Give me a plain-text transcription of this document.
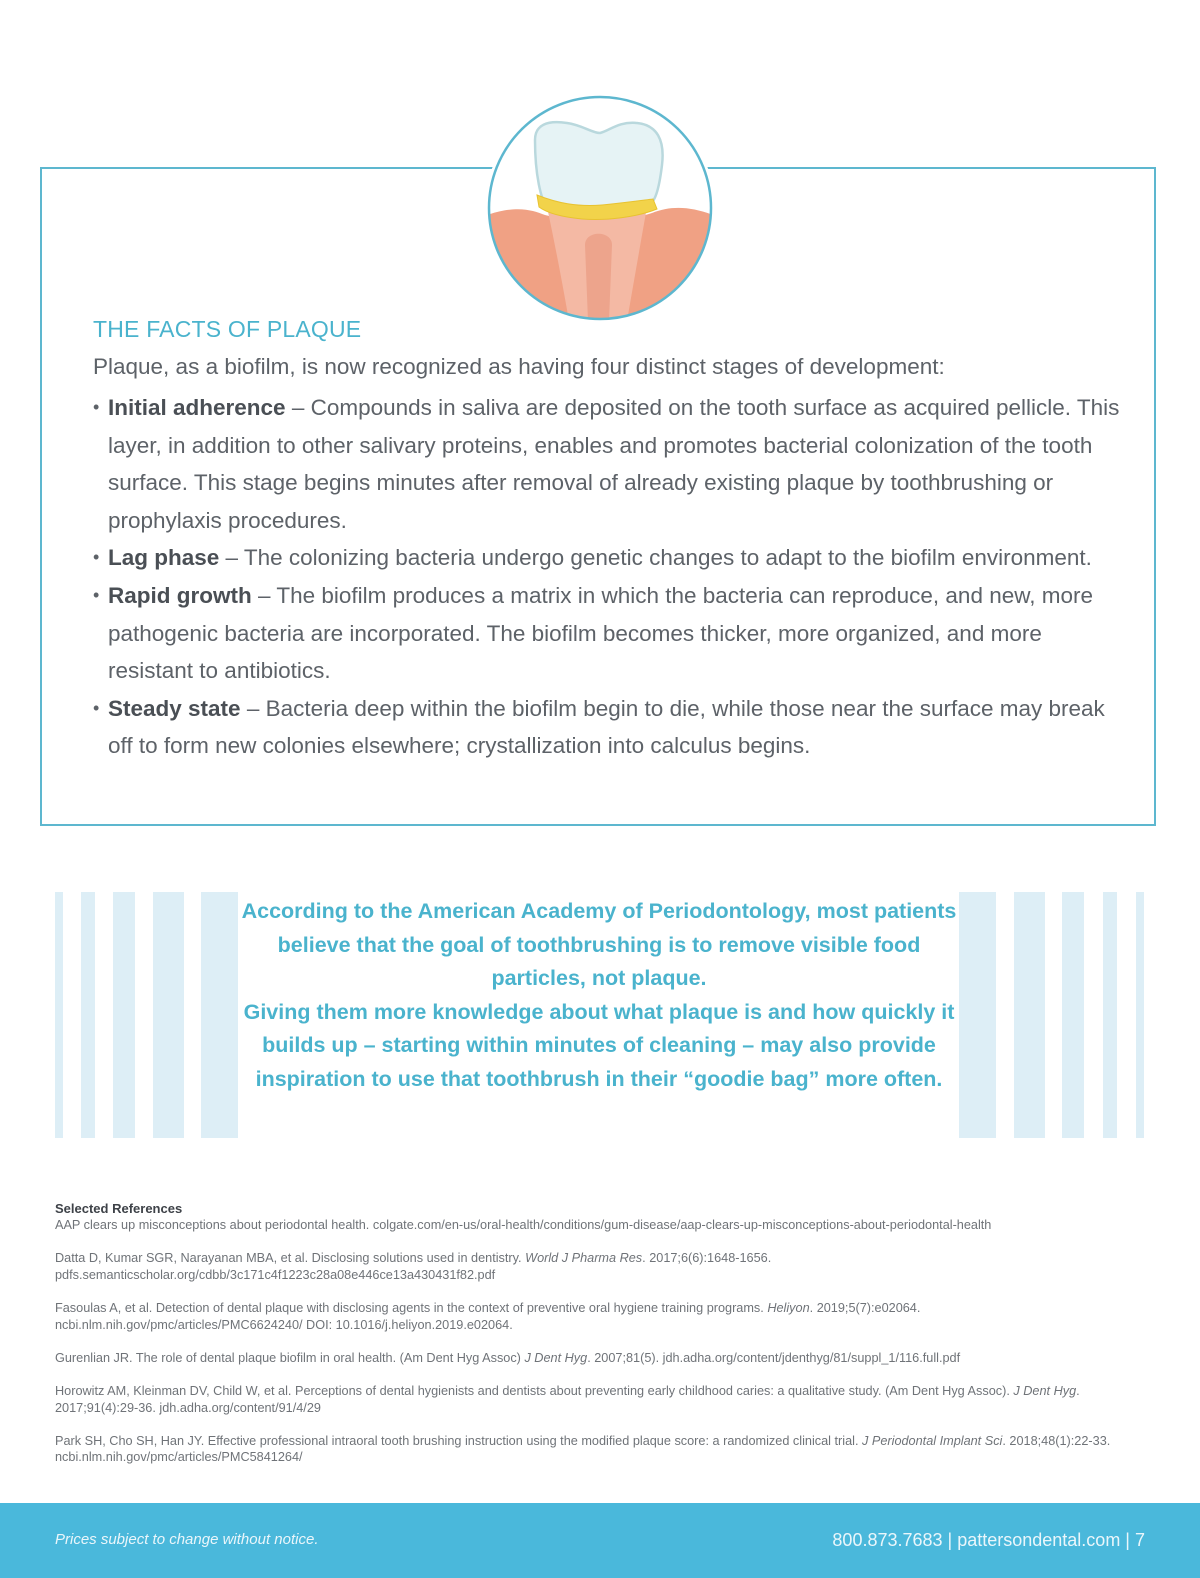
THE FACTS OF PLAQUE
Plaque, as a biofilm, is now recognized as having four distinct stages of development:
• Initial adherence – Compounds in saliva are deposited on the tooth surface as acquired pellicle. This layer, in addition to other salivary proteins, enables and promotes bacterial colonization of the tooth surface. This stage begins minutes after removal of already existing plaque by toothbrushing or prophylaxis procedures.
• Lag phase – The colonizing bacteria undergo genetic changes to adapt to the biofilm environment.
• Rapid growth – The biofilm produces a matrix in which the bacteria can reproduce, and new, more pathogenic bacteria are incorporated. The biofilm becomes thicker, more organized, and more resistant to antibiotics.
• Steady state – Bacteria deep within the biofilm begin to die, while those near the surface may break off to form new colonies elsewhere; crystallization into calculus begins.

According to the American Academy of Periodontology, most patients believe that the goal of toothbrushing is to remove visible food particles, not plaque.

Giving them more knowledge about what plaque is and how quickly it builds up – starting within minutes of cleaning – may also provide inspiration to use that toothbrush in their “goodie bag” more often.

Selected References

AAP clears up misconceptions about periodontal health. colgate.com/en-us/oral-health/conditions/gum-disease/aap-clears-up-misconceptions-about-periodontal-health

Datta D, Kumar SGR, Narayanan MBA, et al. Disclosing solutions used in dentistry. World J Pharma Res. 2017;6(6):1648-1656. pdfs.semanticscholar.org/cdbb/3c171c4f1223c28a08e446ce13a430431f82.pdf

Fasoulas A, et al. Detection of dental plaque with disclosing agents in the context of preventive oral hygiene training programs. Heliyon. 2019;5(7):e02064. ncbi.nlm.nih.gov/pmc/articles/PMC6624240/ DOI: 10.1016/j.heliyon.2019.e02064.

Gurenlian JR. The role of dental plaque biofilm in oral health. (Am Dent Hyg Assoc) J Dent Hyg. 2007;81(5). jdh.adha.org/content/jdenthyg/81/suppl_1/116.full.pdf

Horowitz AM, Kleinman DV, Child W, et al. Perceptions of dental hygienists and dentists about preventing early childhood caries: a qualitative study. (Am Dent Hyg Assoc). J Dent Hyg. 2017;91(4):29-36. jdh.adha.org/content/91/4/29

Park SH, Cho SH, Han JY. Effective professional intraoral tooth brushing instruction using the modified plaque score: a randomized clinical trial. J Periodontal Implant Sci. 2018;48(1):22-33. ncbi.nlm.nih.gov/pmc/articles/PMC5841264/

Prices subject to change without notice.	800.873.7683 | pattersondental.com | 7
